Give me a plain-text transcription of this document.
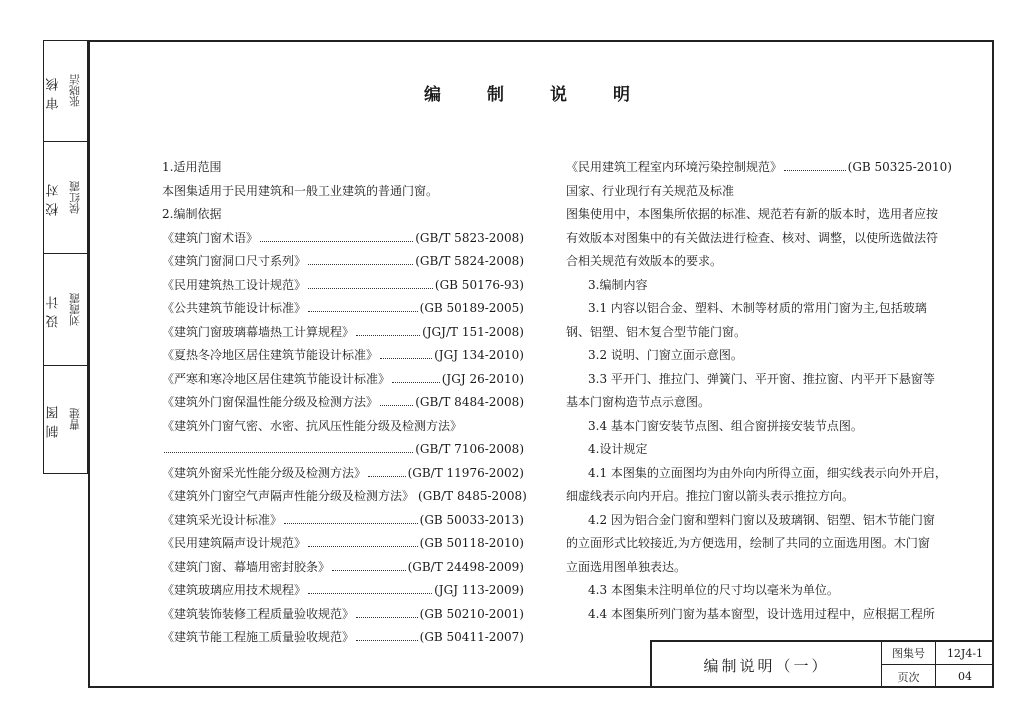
审核 张晓洁
校对 侯红霞
设计 刘霞霞
制图 曹建
编制说明
1.适用范围
本图集适用于民用建筑和一般工业建筑的普通门窗。
2.编制依据
《建筑门窗术语》	(GB/T 5823-2008)
《建筑门窗洞口尺寸系列》	(GB/T 5824-2008)
《民用建筑热工设计规范》	(GB 50176-93)
《公共建筑节能设计标准》	(GB 50189-2005)
《建筑门窗玻璃幕墙热工计算规程》	(JGJ/T 151-2008)
《夏热冬冷地区居住建筑节能设计标准》	(JGJ 134-2010)
《严寒和寒冷地区居住建筑节能设计标准》	(JGJ 26-2010)
《建筑外门窗保温性能分级及检测方法》	(GB/T 8484-2008)
《建筑外门窗气密、水密、抗风压性能分级及检测方法》
(GB/T 7106-2008)
《建筑外窗采光性能分级及检测方法》	(GB/T 11976-2002)
《建筑外门窗空气声隔声性能分级及检测方法》 (GB/T 8485-2008)
《建筑采光设计标准》	(GB 50033-2013)
《民用建筑隔声设计规范》	(GB 50118-2010)
《建筑门窗、幕墙用密封胶条》	(GB/T 24498-2009)
《建筑玻璃应用技术规程》	(JGJ 113-2009)
《建筑装饰装修工程质量验收规范》	(GB 50210-2001)
《建筑节能工程施工质量验收规范》	(GB 50411-2007)
《民用建筑工程室内环境污染控制规范》	(GB 50325-2010)
国家、行业现行有关规范及标准
图集使用中，本图集所依据的标准、规范若有新的版本时，选用者应按
有效版本对图集中的有关做法进行检查、核对、调整，以使所选做法符
合相关规范有效版本的要求。
3.编制内容
3.1 内容以铝合金、塑料、木制等材质的常用门窗为主,包括玻璃
钢、铝塑、铝木复合型节能门窗。
3.2 说明、门窗立面示意图。
3.3 平开门、推拉门、弹簧门、平开窗、推拉窗、内平开下悬窗等
基本门窗构造节点示意图。
3.4 基本门窗安装节点图、组合窗拼接安装节点图。
4.设计规定
4.1 本图集的立面图均为由外向内所得立面，细实线表示向外开启，
细虚线表示向内开启。推拉门窗以箭头表示推拉方向。
4.2 因为铝合金门窗和塑料门窗以及玻璃钢、铝塑、铝木节能门窗
的立面形式比较接近,为方便选用，绘制了共同的立面选用图。木门窗
立面选用图单独表达。
4.3 本图集未注明单位的尺寸均以毫米为单位。
4.4 本图集所列门窗为基本窗型，设计选用过程中，应根据工程所
编制说明（一）
图集号	12J4-1
页次	04
